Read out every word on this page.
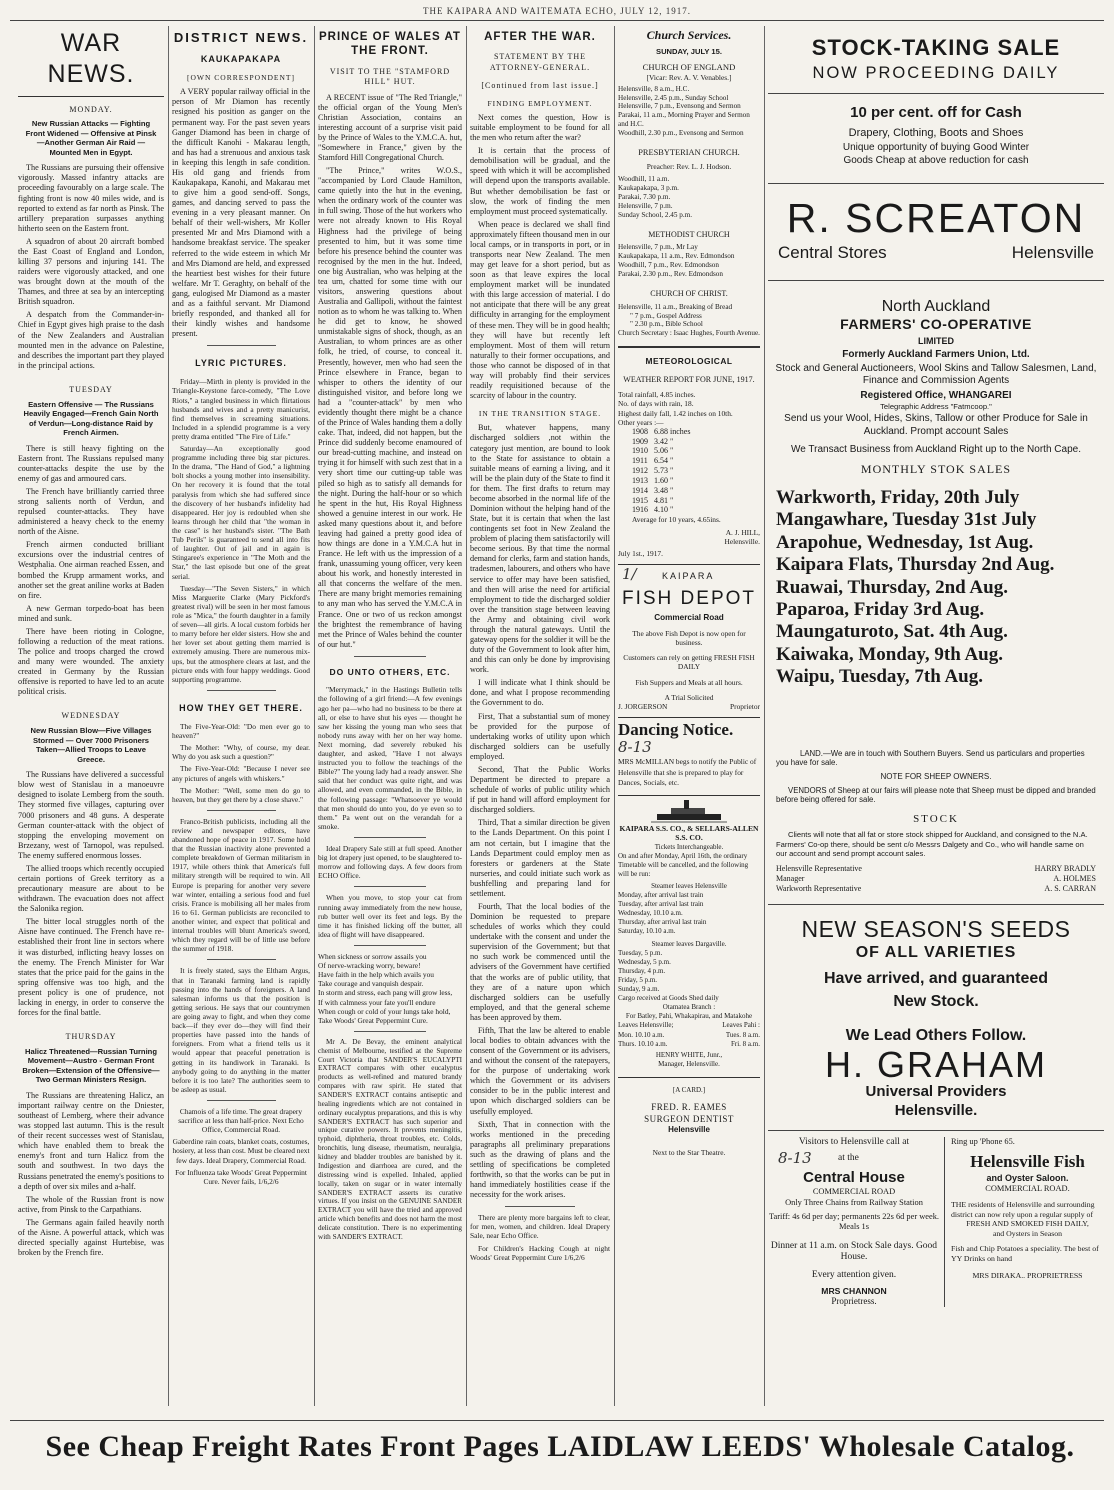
THE KAIPARA AND WAITEMATA ECHO, JULY 12, 1917.
WAR NEWS.
MONDAY.
New Russian Attacks — Fighting Front Widened — Offensive at Pinsk—Another German Air Raid —Mounted Men in Egypt.

The Russians are pursuing their offensive vigorously. Massed infantry attacks are proceeding favourably on a large scale. The fighting front is now 40 miles wide, and is reported to extend as far north as Pinsk. The artillery preparation surpasses anything hitherto seen on the Eastern front.

A squadron of about 20 aircraft bombed the East Coast of England and London, killing 37 persons and injuring 141. The raiders were vigorously attacked, and one was brought down at the mouth of the Thames, and three at sea by an intercepting British squadron.

A despatch from the Commander-in-Chief in Egypt gives high praise to the dash of the New Zealanders and Australian mounted men in the advance on Palestine, and describes the important part they played in the principal actions.

TUESDAY
Eastern Offensive — The Russians Heavily Engaged—French Gain North of Verdun—Long-distance Raid by French Airmen.

There is still heavy fighting on the Eastern front. The Russians repulsed many counter-attacks despite the use by the enemy of gas and armoured cars.

The French have brilliantly carried three strong salients north of Verdun, and repulsed counter-attacks. They have administered a heavy check to the enemy north of the Aisne.

French airmen conducted brilliant excursions over the industrial centres of Westphalia. One airman reached Essen, and bombed the Krupp armament works, and another set the great aniline works at Baden on fire.

A new German torpedo-boat has been mined and sunk.

There have been rioting in Cologne, following a reduction of the meat rations. The police and troops charged the crowd and many were wounded. The anxiety created in Germany by the Russian offensive is reported to have led to an acute political crisis.

WEDNESDAY
New Russian Blow—Five Villages Stormed — Over 7000 Prisoners Taken—Allied Troops to Leave Greece.

The Russians have delivered a successful blow west of Stanislau in a manoeuvre designed to isolate Lemberg from the south. They stormed five villages, capturing over 7000 prisoners and 48 guns. A desperate German counter-attack with the object of stopping the enveloping movement on Brzezany, west of Tarnopol, was repulsed. The enemy suffered enormous losses.

The allied troops which recently occupied certain portions of Greek territory as a precautionary measure are about to be withdrawn. The evacuation does not affect the Salonika region.

The bitter local struggles north of the Aisne have continued. The French have re-established their front line in sectors where it was disturbed, inflicting heavy losses on the enemy. The French Minister for War states that the price paid for the gains in the spring offensive was too high, and the present policy is one of prudence, not lacking in energy, in order to conserve the forces for the final battle.

THURSDAY
Halicz Threatened—Russian Turning Movement—Austro - German Front Broken—Extension of the Offensive—Two German Ministers Resign.

The Russians are threatening Halicz, an important railway centre on the Dniester, southeast of Lemberg, where their advance was stopped last autumn. This is the result of their recent successes west of Stanislau, which have enabled them to break the enemy's front and turn Halicz from the south and southwest. In two days the Russians penetrated the enemy's positions to a depth of over six miles and a-half.

The whole of the Russian front is now active, from Pinsk to the Carpathians.

The Germans again failed heavily north of the Aisne. A powerful attack, which was directed specially against Hurtebise, was broken by the French fire.

DISTRICT NEWS.
KAUKAPAKAPA
[OWN CORRESPONDENT]

A VERY popular railway official in the person of Mr Diamon has recently resigned his position as ganger on the permanent way. For the past seven years Ganger Diamond has been in charge of the difficult Kanohi - Makarau length, and has had a strenuous and anxious task in keeping this length in safe condition. His old gang and friends from Kaukapakapa, Kanohi, and Makarau met to give him a good send-off. Songs, games, and dancing served to pass the evening in a very pleasant manner. On behalf of their well-wishers, Mr Koller presented Mr and Mrs Diamond with a handsome breakfast service. The speaker referred to the wide esteem in which Mr and Mrs Diamond are held, and expressed the heartiest best wishes for their future welfare. Mr T. Geraghty, on behalf of the gang, eulogised Mr Diamond as a master and as a faithful servant. Mr Diamond briefly responded, and thanked all for their kindly wishes and handsome present.

LYRIC PICTURES.

Friday—Mirth in plenty is provided in the Triangle-Keystone farce-comedy, "The Love Riots," a tangled business in which flirtatious husbands and wives and a pretty manicurist, find themselves in screaming situations. Included in a splendid programme is a very pretty drama entitled "The Fire of Life."

Saturday—An exceptionally good programme including three big star pictures. In the drama, "The Hand of God," a lightning bolt shocks a young mother into insensibility. On her recovery it is found that the total paralysis from which she had suffered since the discovery of her husband's infidelity had disappeared. Her joy is redoubled when she learns through her child that "the woman in the case" is her husband's sister. "The Bath Tub Perils" is guaranteed to send all into fits of laughter. Out of jail and in again is Stingaree's experience in "The Moth and the Star," the last episode but one of the great serial.

Tuesday—"The Seven Sisters," in which Miss Marguerite Clarke (Mary Pickford's greatest rival) will be seen in her most famous role as "Mica," the fourth daughter in a family of seven—all girls. A local custom forbids her to marry before her elder sisters. How she and her lover set about getting them married is extremely amusing. There are numerous mix-ups, but the atmosphere clears at last, and the picture ends with four happy weddings. Good supporting programme.

HOW THEY GET THERE.

The Five-Year-Old: "Do men ever go to heaven?"

The Mother: "Why, of course, my dear. Why do you ask such a question?"

The Five-Year-Old: "Because I never see any pictures of angels with whiskers."

The Mother: "Well, some men do go to heaven, but they get there by a close shave."

Franco-British publicists, including all the review and newspaper editors, have abandoned hope of peace in 1917. Some hold that the Russian inactivity alone prevented a complete breakdown of German militarism in 1917, while others think that America's full military strength will be required to win. All Europe is preparing for another very severe war winter, entailing a serious food and fuel crisis. France is mobilising all her males from 16 to 61. German publicists are reconciled to another winter, and expect that political and internal troubles will blunt America's sword, which they regard will be of little use before the summer of 1918.

It is freely stated, says the Eltham Argus, that in Taranaki farming land is rapidly passing into the hands of foreigners. A land salesman informs us that the position is getting serious. He says that our countrymen are going away to fight, and when they come back—if they ever do—they will find their properties have passed into the hands of foreigners. From what a friend tells us it would appear that peaceful penetration is getting in its handiwork in Taranaki. Is anybody going to do anything in the matter before it is too late? The authorities seem to be asleep as usual.

Chamois of a life time. The great drapery sacrifice at less than half-price. Next Echo Office, Commercial Road.

Gaberdine rain coats, blanket coats, costumes, hosiery, at less than cost. Must be cleared next few days. Ideal Drapery, Commercial Road.

For Influenza take Woods' Great Peppermint Cure. Never fails, 1/6,2/6

PRINCE OF WALES AT THE FRONT.
VISIT TO THE "STAMFORD HILL" HUT.

A RECENT issue of "The Red Triangle," the official organ of the Young Men's Christian Association, contains an interesting account of a surprise visit paid by the Prince of Wales to the Y.M.C.A. hut, "Somewhere in France," given by the Stamford Hill Congregational Church.

"The Prince," writes W.O.S., "accompanied by Lord Claude Hamilton, came quietly into the hut in the evening, when the ordinary work of the counter was in full swing. Those of the hut workers who were not already known to His Royal Highness had the privilege of being presented to him, but it was some time before his presence behind the counter was recognised by the men in the hut. Indeed, one big Australian, who was helping at the tea urn, chatted for some time with our visitors, answering questions about Australia and Gallipoli, without the faintest notion as to whom he was talking to. When he did get to know, he showed unmistakable signs of shock, though, as an Australian, to whom princes are as other folk, he tried, of course, to conceal it. Presently, however, men who had seen the Prince elsewhere in France, began to whisper to others the identity of our distinguished visitor, and before long we had a "counter-attack" by men who evidently thought there might be a chance of the Prince of Wales handing them a dolly cake. That, indeed, did not happen, but the Prince did suddenly become enamoured of our bread-cutting machine, and instead on trying it for himself with such zest that in a very short time our cutting-up table was piled so high as to satisfy all demands for the night. During the half-hour or so which he spent in the hut, His Royal Highness showed a genuine interest in our work. He asked many questions about it, and before leaving had gained a pretty good idea of how things are done in a Y.M.C.A hut in France. He left with us the impression of a frank, unassuming young officer, very keen about his work, and honestly interested in all that concerns the welfare of the men. There are many bright memories remaining to any man who has served the Y.M.C.A in France. One or two of us reckon amongst the brightest the remembrance of having met the Prince of Wales behind the counter of our hut."

DO UNTO OTHERS, ETC.

"Merrymack," in the Hastings Bulletin tells the following of a girl friend:—A few evenings ago her pa—who had no business to be there at all, or else to have shut his eyes — thought he saw her kissing the young man who sees that nobody runs away with her on her way home. Next morning, dad severely rebuked his daughter, and asked, "Have I not always instructed you to follow the teachings of the Bible?" The young lady had a ready answer. She said that her conduct was quite right, and was allowed, and even commanded, in the Bible, in the following passage: "Whatsoever ye would that men should do unto you, do ye even so to them." Pa went out on the verandah for a smoke.

Ideal Drapery Sale still at full speed. Another big lot drapery just opened, to be slaughtered to-morrow and following days. A few doors from ECHO Office.

When you move, to stop your cat from running away immediately from the new house, rub butter well over its feet and legs. By the time it has finished licking off the butter, all idea of flight will have disappeared.

When sickness or sorrow assails you
Of nerve-wracking worry, beware!
Have faith in the help which avails you
Take courage and vanquish despair.
In storm and stress, each pang will grow less,
If with calmness your fate you'll endure
When cough or cold of your lungs take hold,
Take Woods' Great Peppermint Cure.

Mr A. De Bevay, the eminent analytical chemist of Melbourne, testified at the Supreme Court Victoria that SANDER'S EUCALYPTI EXTRACT compares with other eucalyptus products as well-refined and matured brandy compares with raw spirit. He stated that SANDER'S EXTRACT contains antiseptic and healing ingredients which are not contained in ordinary eucalyptus preparations, and this is why SANDER'S EXTRACT has such superior and unique curative powers. It prevents meningitis, typhoid, diphtheria, throat troubles, etc. Colds, bronchitis, lung disease, rheumatism, neuralgia, kidney and bladder troubles are banished by it. Indigestion and diarrhoea are cured, and the distressing wind is expelled. Inhaled, applied locally, taken on sugar or in water internally SANDER'S EXTRACT asserts its curative virtues. If you insist on the GENUINE SANDER EXTRACT you will have the tried and approved article which benefits and does not harm the most delicate constitution. There is no experimenting with SANDER'S EXTRACT.

AFTER THE WAR.
STATEMENT BY THE ATTORNEY-GENERAL.
[Continued from last issue.]
FINDING EMPLOYMENT.

Next comes the question, How is suitable employment to be found for all the men who return after the war?

It is certain that the process of demobilisation will be gradual, and the speed with which it will be accomplished will depend upon the transports available. But whether demobilisation be fast or slow, the work of finding the men employment must proceed systematically.

When peace is declared we shall find approximately fifteen thousand men in our local camps, or in transports in port, or in transports near New Zealand. The men may get leave for a short period, but as soon as that leave expires the local employment market will be inundated with this large accession of material. I do not anticipate that there will be any great difficulty in arranging for the employment of these men. They will be in good health; they will have but recently left employment. Most of them will return naturally to their former occupations, and those who cannot be disposed of in that way will probably find their services readily requisitioned because of the scarcity of labour in the country.

IN THE TRANSITION STAGE.

But, whatever happens, many discharged soldiers ,not within the category just mention, are bound to look to the State for assistance to obtain a suitable means of earning a living, and it will be the plain duty of the State to find it for them. The first drafts to return may become absorbed in the normal life of the Dominion without the helping hand of the State, but it is certain that when the last contingents set foot in New Zealand the problem of placing them satisfactorily will become serious. By that time the normal demand for clerks, farm and station hands, tradesmen, labourers, and others who have service to offer may have been satisfied, and then will arise the need for artificial employment to tide the discharged soldier over the transition stage between leaving the Army and obtaining civil work through the natural gateways. Until the gateway opens for the soldier it will be the duty of the Government to look after him, and this can only be done by improvising work.

I will indicate what I think should be done, and what I propose recommending the Government to do.

First, That a substantial sum of money be provided for the purpose of undertaking works of utility upon which discharged soldiers can be usefully employed.

Second, That the Public Works Department be directed to prepare a schedule of works of public utility which if put in hand will afford employment for discharged soldiers.

Third, That a similar direction be given to the Lands Department. On this point I am not certain, but I imagine that the Lands Department could employ men as foresters or gardeners at the State nurseries, and could initiate such work as bushfelling and preparing land for settlement.

Fourth, That the local bodies of the Dominion be requested to prepare schedules of works which they could undertake with the consent and under the supervision of the Government; but that no such work be commenced until the advisers of the Government have certified that the works are of public utility, that they are of a nature upon which discharged soldiers can be usefully employed, and that the general scheme has been approved by them.

Fifth, That the law be altered to enable local bodies to obtain advances with the consent of the Government or its advisers, and without the consent of the ratepayers, for the purpose of undertaking work which the Government or its advisers consider to be in the public interest and upon which discharged soldiers can be usefully employed.

Sixth, That in connection with the works mentioned in the preceding paragraphs all preliminary preparations such as the drawing of plans and the settling of specifications be completed forthwith, so that the works can be put in hand immediately hostilities cease if the necessity for the work arises.

There are plenty more bargains left to clear, for men, women, and children. Ideal Drapery Sale, near Echo Office.

For Children's Hacking Cough at night Woods' Great Peppermint Cure 1/6,2/6

Church Services.
SUNDAY, JULY 15.
CHURCH OF ENGLAND
[Vicar: Rev. A. V. Venables.]
Helensville, 8 a.m., H.C.
Helensville, 2.45 p.m., Sunday School
Helensville, 7 p.m., Evensong and Sermon
Parakai, 11 a.m., Morning Prayer and Sermon and H.C.
Woodhill, 2.30 p.m., Evensong and Sermon
PRESBYTERIAN CHURCH.
Preacher: Rev. L. J. Hodson.
Woodhill, 11 a.m.
Kaukapakapa, 3 p.m.
Parakai, 7.30 p.m.
Helensville, 7 p.m.
Sunday School, 2.45 p.m.
METHODIST CHURCH
Helensville, 7 p.m., Mr Lay
Kaukapakapa, 11 a.m., Rev. Edmondson
Woodhill, 7 p.m., Rev. Edmondson
Parakai, 2.30 p.m., Rev. Edmondson
CHURCH OF CHRIST.
Helensville, 11 a.m., Breaking of Bread
" 7 p.m., Gospel Address
" 2.30 p.m., Bible School
Church Secretary : Isaac Hughes, Fourth Avenue.
METEOROLOGICAL
WEATHER REPORT FOR JUNE, 1917.
Total rainfall, 4.85 inches.
No. of days with rain, 18.
Highest daily fall, 1.42 inches on 10th.
Other years :—
1908	6.88 inches
1909	3.42 "
1910	5.06 "
1911	6.54 "
1912	5.73 "
1913	1.60 "
1914	3.48 "
1915	4.81 "
1916	4.10 "
Average for 10 years, 4.65ins.
A. J. HILL,
Helensville.
July 1st., 1917.
1/	KAIPARA
FISH DEPOT
Commercial Road
The above Fish Depot is now open for business.
Customers can rely on getting FRESH FISH DAILY
Fish Suppers and Meals at all hours.
A Trial Solicited
J. JORGERSON	Proprietor
Dancing Notice.
8-13
MRS McMILLAN begs to notify the Public of Helensville that she is prepared to play for Dances, Socials, etc.
KAIPARA S.S. CO., & SELLARS-ALLEN S.S. CO.
Tickets Interchangeable.
On and after Monday, April 16th, the ordinary Timetable will be cancelled, and the following will be run:
Steamer leaves Helensville
Monday, after arrival last train
Tuesday, after arrival last train
Wednesday, 10.10 a.m.
Thursday, after arrival last train
Saturday, 10.10 a.m.
Steamer leaves Dargaville.
Tuesday, 5 p.m.
Wednesday, 5 p.m.
Thursday, 4 p.m.
Friday, 5 p.m.
Sunday, 9 a.m.
Cargo received at Goods Shed daily
Otamatea Branch :
For Batley, Pahi, Whakapirau, and Matakohe
Leaves Helensville;	Leaves Pahi :
Mon. 10.10 a.m.	Tues. 8 a.m.
Thurs. 10.10 a.m.	Fri. 8 a.m.
HENRY WHITE, Junr.,
Manager, Helensville.
[A CARD.]
FRED. R. EAMES
SURGEON DENTIST
Helensville
Next to the Star Theatre.
STOCK-TAKING SALE
NOW PROCEEDING DAILY
10 per cent. off for Cash
Drapery, Clothing, Boots and Shoes
Unique opportunity of buying Good Winter
Goods Cheap at above reduction for cash
R. SCREATON
Central Stores	Helensville
North Auckland
FARMERS' CO-OPERATIVE
LIMITED
Formerly Auckland Farmers Union, Ltd.
Stock and General Auctioneers, Wool Skins and Tallow Salesmen, Land, Finance and Commission Agents
Registered Office, WHANGAREI
Telegraphic Address "Fatmcoop."
Send us your Wool, Hides, Skins, Tallow or other Produce for Sale in Auckland. Prompt account Sales
We Transact Business from Auckland Right up to the North Cape.
MONTHLY STOK SALES
Warkworth, Friday, 20th July
Mangawhare, Tuesday 31st July
Arapohue, Wednesday, 1st Aug.
Kaipara Flats, Thursday 2nd Aug.
Ruawai, Thursday, 2nd Aug.
Paparoa, Friday 3rd Aug.
Maungaturoto, Sat. 4th Aug.
Kaiwaka, Monday, 9th Aug.
Waipu, Tuesday, 7th Aug.
LAND.—We are in touch with Southern Buyers. Send us particulars and properties you have for sale.
NOTE FOR SHEEP OWNERS.
VENDORS of Sheep at our fairs will please note that Sheep must be dipped and branded before being offered for sale.
STOCK
Clients will note that all fat or store stock shipped for Auckland, and consigned to the N.A. Farmers' Co-op there, should be sent c/o Messrs Dalgety and Co., who will handle same on our account and send prompt account sales.
Helensville Representative	HARRY BRADLY
Manager	A. HOLMES
Warkworth Representative	A. S. CARRAN
NEW SEASON'S SEEDS
OF ALL VARIETIES
Have arrived, and guaranteed
New Stock.
We Lead Others Follow.
H. GRAHAM
Universal Providers
Helensville.
Visitors to Helensville call at
8-13	at the
Central House
COMMERCIAL ROAD
Only Three Chains from Railway Station
Tariff: 4s 6d per day; permanents 22s 6d per week. Meals 1s
Dinner at 11 a.m. on Stock Sale days. Good House.
Every attention given.
MRS CHANNON
Proprietress.
Ring up 'Phone 65.
Helensville Fish
and Oyster Saloon.
COMMERCIAL ROAD.
THE residents of Helensville and surrounding district can now rely upon a regular supply of
FRESH AND SMOKED FISH DAILY,
and Oysters in Season
Fish and Chip Potatoes a speciality. The best of YY Drinks on hand
MRS DIRAKA.. PROPRIETRESS
See Cheap Freight Rates Front Pages LAIDLAW LEEDS' Wholesale Catalog.
